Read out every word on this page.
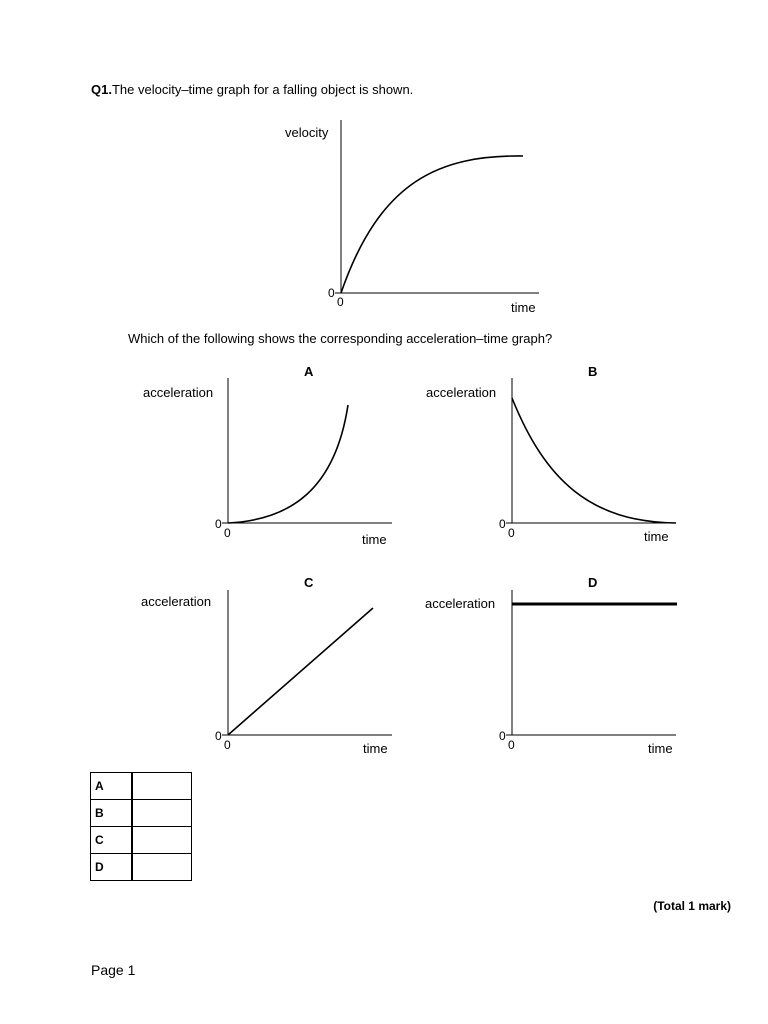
Q1.The velocity–time graph for a falling object is shown.
velocity
time
0
0
A
acceleration
time
0
0
B
acceleration
time
0
0
C
acceleration
time
0
0
D
acceleration
time
0
0
Which of the following shows the corresponding acceleration–time graph?
A	
B	
C	
D	
(Total 1 mark)
Page 1
